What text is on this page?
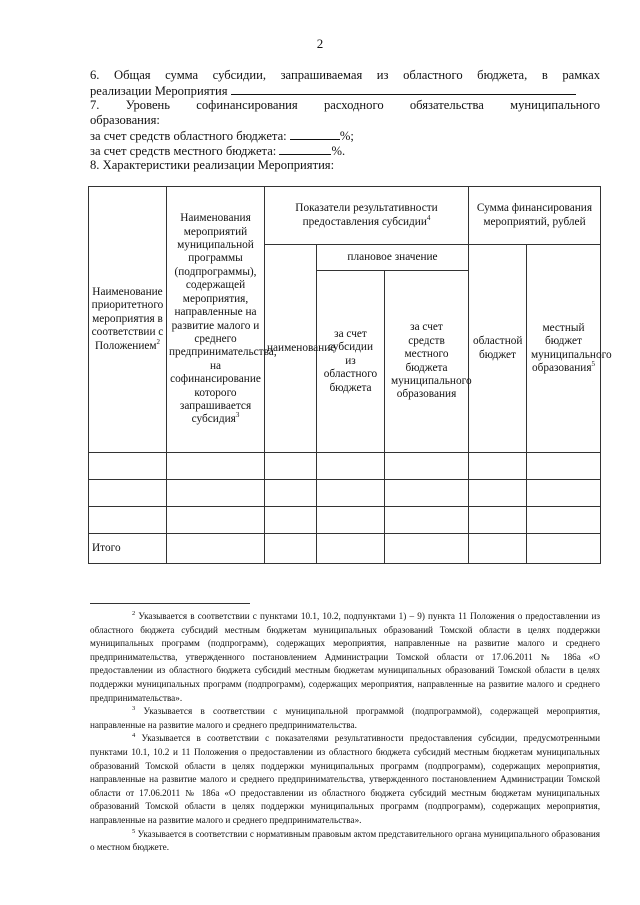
2
6. Общая сумма субсидии, запрашиваемая из областного бюджета, в рамках
реализации Мероприятия
7. Уровень софинансирования расходного обязательства муниципального
образования:
за счет средств областного бюджета:	%;
за счет средств местного бюджета:	%.
8. Характеристики реализации Мероприятия:
Наименование приоритетного мероприятия в соответствии с Положением$^2$	Наименования мероприятий муниципальной программы (подпрограммы), содержащей мероприятия, направленные на развитие малого и среднего предпринимательства, на софинансирование которого запрашивается субсидия$^3$	Показатели результативности предоставления субсидии$^4$			Сумма финансирования мероприятий, рублей	
		наименование	плановое значение		областной бюджет	местный бюджет муниципального образования$^5$
			за счет субсидии из областного бюджета	за счет средств местного бюджета муниципального образования		

Итого						

$^2$ Указывается в соответствии с пунктами 10.1, 10.2, подпунктами 1) – 9) пункта 11 Положения о предоставлении из областного бюджета субсидий местным бюджетам муниципальных образований Томской области в целях поддержки муниципальных программ (подпрограмм), содержащих мероприятия, направленные на развитие малого и среднего предпринимательства, утвержденного постановлением Администрации Томской области от 17.06.2011 № 186а «О предоставлении из областного бюджета субсидий местным бюджетам муниципальных образований Томской области в целях поддержки муниципальных программ (подпрограмм), содержащих мероприятия, направленные на развитие малого и среднего предпринимательства».

$^3$ Указывается в соответствии с муниципальной программой (подпрограммой), содержащей мероприятия, направленные на развитие малого и среднего предпринимательства.

$^4$ Указывается в соответствии с показателями результативности предоставления субсидии, предусмотренными пунктами 10.1, 10.2 и 11 Положения о предоставлении из областного бюджета субсидий местным бюджетам муниципальных образований Томской области в целях поддержки муниципальных программ (подпрограмм), содержащих мероприятия, направленные на развитие малого и среднего предпринимательства, утвержденного постановлением Администрации Томской области от 17.06.2011 № 186а «О предоставлении из областного бюджета субсидий местным бюджетам муниципальных образований Томской области в целях поддержки муниципальных программ (подпрограмм), содержащих мероприятия, направленные на развитие малого и среднего предпринимательства».

$^5$ Указывается в соответствии с нормативным правовым актом представительного органа муниципального образования о местном бюджете.
